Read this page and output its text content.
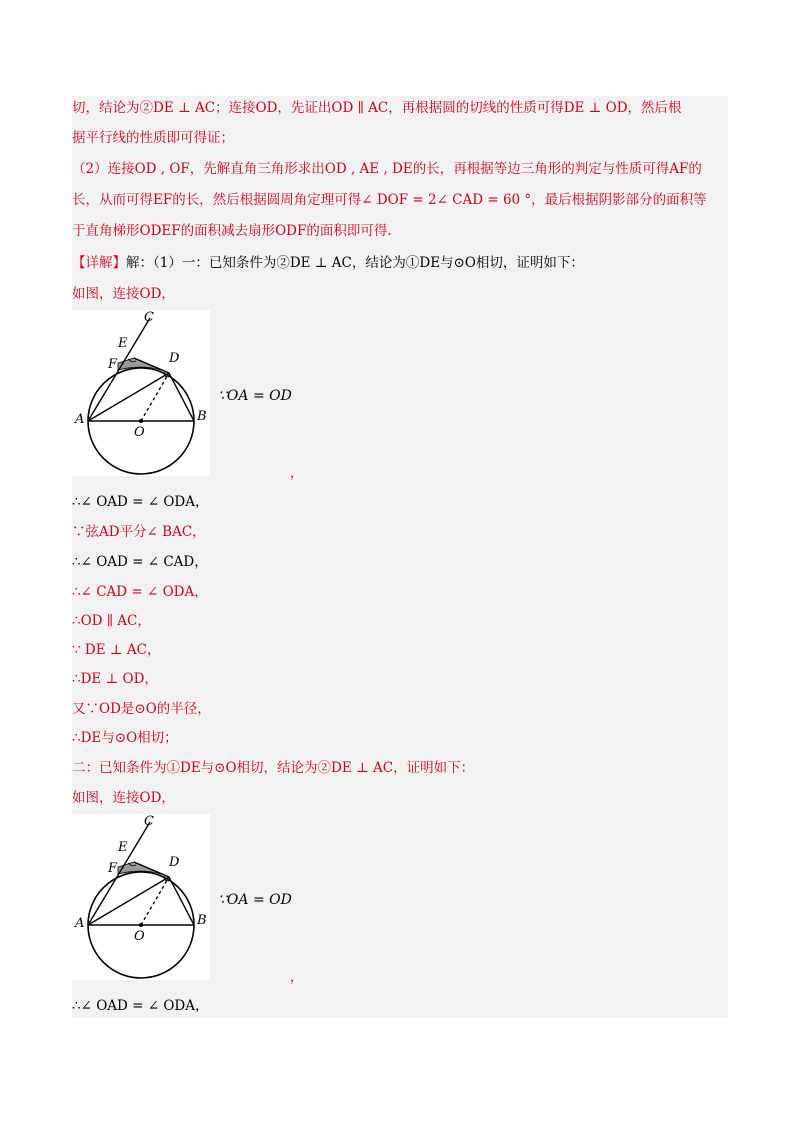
切，结论为②DE ⊥ AC；连接OD，先证出OD ∥ AC，再根据圆的切线的性质可得DE ⊥ OD，然后根
据平行线的性质即可得证；
（2）连接OD , OF，先解直角三角形求出OD , AE , DE的长，再根据等边三角形的判定与性质可得AF的
长，从而可得EF的长，然后根据圆周角定理可得∠ DOF = 2∠ CAD = 60 °，最后根据阴影部分的面积等
于直角梯形ODEF的面积减去扇形ODF的面积即可得.
【详解】解：（1）一：已知条件为②DE ⊥ AC，结论为①DE与⊙O相切，证明如下：
如图，连接OD，
C
E
F	D
A	B
O
∵OA = OD
，
∴∠ OAD = ∠ ODA，
∵弦AD平分∠ BAC，
∴∠ OAD = ∠ CAD，
∴∠ CAD = ∠ ODA，
∴OD ∥ AC，
∵ DE ⊥ AC，
∴DE ⊥ OD，
又∵OD是⊙O的半径，
∴DE与⊙O相切；
二：已知条件为①DE与⊙O相切，结论为②DE ⊥ AC，证明如下：
如图，连接OD，
C
E
F	D
A	B
O
∵OA = OD
，
∴∠ OAD = ∠ ODA，
